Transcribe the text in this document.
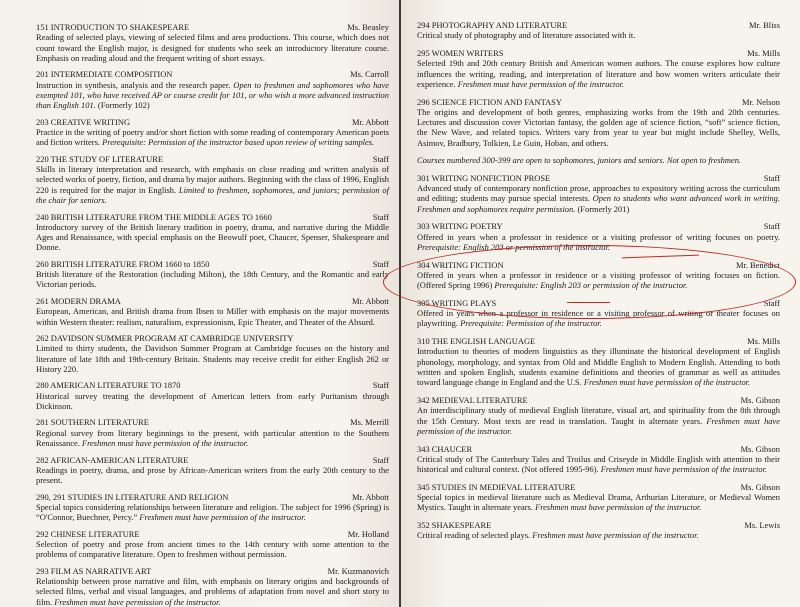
151 INTRODUCTION TO SHAKESPEARE	Ms. Beasley
Reading of selected plays, viewing of selected films and area productions. This course, which does not count toward the English major, is designed for students who seek an introductory literature course. Emphasis on reading aloud and the frequent writing of short essays.
201 INTERMEDIATE COMPOSITION	Ms. Carroll
Instruction in synthesis, analysis and the research paper. Open to freshmen and sophomores who have exempted 101, who have received AP or course credit for 101, or who wish a more advanced instruction than English 101. (Formerly 102)
203 CREATIVE WRITING	Mr. Abbott
Practice in the writing of poetry and/or short fiction with some reading of contemporary American poets and fiction writers. Prerequisite: Permission of the instructor based upon review of writing samples.
220 THE STUDY OF LITERATURE	Staff
Skills in literary interpretation and research, with emphasis on close reading and written analysis of selected works of poetry, fiction, and drama by major authors. Beginning with the class of 1996, English 220 is required for the major in English. Limited to freshmen, sophomores, and juniors; permission of the chair for seniors.
240 BRITISH LITERATURE FROM THE MIDDLE AGES TO 1660	Staff
Introductory survey of the British literary tradition in poetry, drama, and narrative during the Middle Ages and Renaissance, with special emphasis on the Beowulf poet, Chaucer, Spenser, Shakespeare and Donne.
260 BRITISH LITERATURE FROM 1660 to 1850	Staff
British literature of the Restoration (including Milton), the 18th Century, and the Romantic and early Victorian periods.
261 MODERN DRAMA	Mr. Abbott
European, American, and British drama from Ibsen to Miller with emphasis on the major movements within Western theater: realism, naturalism, expressionism, Epic Theater, and Theater of the Absurd.
262 DAVIDSON SUMMER PROGRAM AT CAMBRIDGE UNIVERSITY
Limited to thirty students, the Davidson Summer Program at Cambridge focuses on the history and literature of late 18th and 19th-century Britain. Students may receive credit for either English 262 or History 220.
280 AMERICAN LITERATURE TO 1870	Staff
Historical survey treating the development of American letters from early Puritanism through Dickinson.
281 SOUTHERN LITERATURE	Ms. Merrill
Regional survey from literary beginnings to the present, with particular attention to the Southern Renaissance. Freshmen must have permission of the instructor.
282 AFRICAN-AMERICAN LITERATURE	Staff
Readings in poetry, drama, and prose by African-American writers from the early 20th century to the present.
290, 291 STUDIES IN LITERATURE AND RELIGION	Mr. Abbott
Special topics considering relationships between literature and religion. The subject for 1996 (Spring) is “O'Connor, Buechner, Percy.” Freshmen must have permission of the instructor.
292 CHINESE LITERATURE	Mr. Holland
Selection of poetry and prose from ancient times to the 14th century with some attention to the problems of comparative literature. Open to freshmen without permission.
293 FILM AS NARRATIVE ART	Mr. Kuzmanovich
Relationship between prose narrative and film, with emphasis on literary origins and backgrounds of selected films, verbal and visual languages, and problems of adaptation from novel and short story to film. Freshmen must have permission of the instructor.
294 PHOTOGRAPHY AND LITERATURE	Mr. Bliss
Critical study of photography and of literature associated with it.
295 WOMEN WRITERS	Ms. Mills
Selected 19th and 20th century British and American women authors. The course explores how culture influences the writing, reading, and interpretation of literature and how women writers articulate their experience. Freshmen must have permission of the instructor.
296 SCIENCE FICTION AND FANTASY	Mr. Nelson
The origins and development of both genres, emphasizing works from the 19th and 20th centuries. Lectures and discussion cover Victorian fantasy, the golden age of science fiction, “soft” science fiction, the New Wave, and related topics. Writers vary from year to year but might include Shelley, Wells, Asimov, Bradbury, Tolkien, Le Guin, Hoban, and others.
Courses numbered 300-399 are open to sophomores, juniors and seniors. Not open to freshmen.
301 WRITING NONFICTION PROSE	Staff
Advanced study of contemporary nonfiction prose, approaches to expository writing across the curriculum and editing; students may pursue special interests. Open to students who want advanced work in writing. Freshmen and sophomores require permission. (Formerly 201)
303 WRITING POETRY	Staff
Offered in years when a professor in residence or a visiting professor of writing focuses on poetry. Prerequisite: English 203 or permission of the instructor.
304 WRITING FICTION	Mr. Benedict
Offered in years when a professor in residence or a visiting professor of writing focuses on fiction. (Offered Spring 1996) Prerequisite: English 203 or permission of the instructor.
305 WRITING PLAYS	Staff
Offered in years when a professor in residence or a visiting professor of writing or theater focuses on playwriting. Prerequisite: Permission of the instructor.
310 THE ENGLISH LANGUAGE	Ms. Mills
Introduction to theories of modern linguistics as they illuminate the historical development of English phonology, morphology, and syntax from Old and Middle English to Modern English. Attending to both written and spoken English, students examine definitions and theories of grammar as well as attitudes toward language change in England and the U.S. Freshmen must have permission of the instructor.
342 MEDIEVAL LITERATURE	Ms. Gibson
An interdisciplinary study of medieval English literature, visual art, and spirituality from the 8th through the 15th Century. Most texts are read in translation. Taught in alternate years. Freshmen must have permission of the instructor.
343 CHAUCER	Ms. Gibson
Critical study of The Canterbury Tales and Troilus and Criseyde in Middle English with attention to their historical and cultural context. (Not offered 1995-96). Freshmen must have permission of the instructor.
345 STUDIES IN MEDIEVAL LITERATURE	Ms. Gibson
Special topics in medieval literature such as Medieval Drama, Arthurian Literature, or Medieval Women Mystics. Taught in alternate years. Freshmen must have permission of the instructor.
352 SHAKESPEARE	Ms. Lewis
Critical reading of selected plays. Freshmen must have permission of the instructor.
